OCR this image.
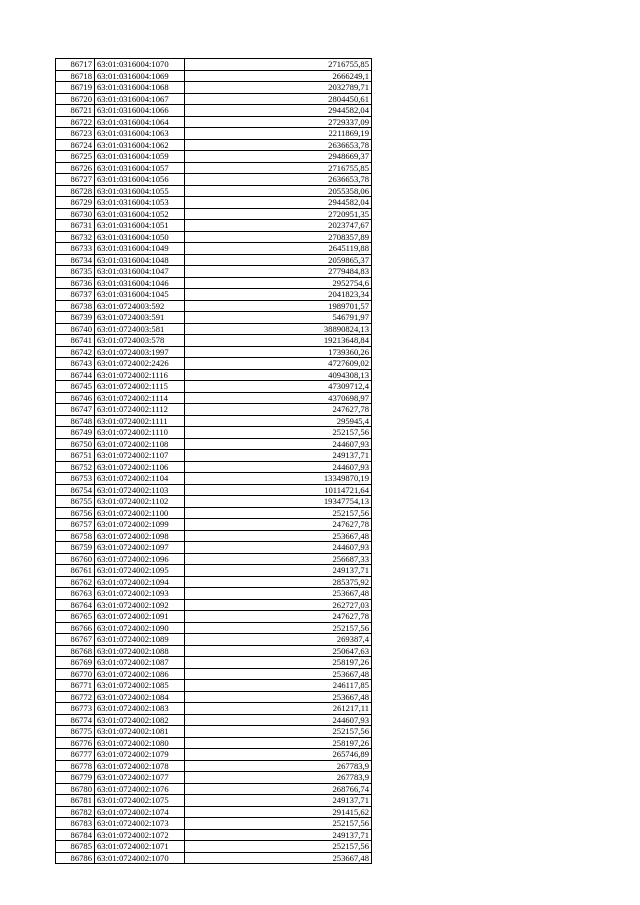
86717	63:01:0316004:1070	2716755,85
86718	63:01:0316004:1069	2666249,1
86719	63:01:0316004:1068	2032789,71
86720	63:01:0316004:1067	2804450,61
86721	63:01:0316004:1066	2944582,04
86722	63:01:0316004:1064	2729337,09
86723	63:01:0316004:1063	2211869,19
86724	63:01:0316004:1062	2636653,78
86725	63:01:0316004:1059	2948669,37
86726	63:01:0316004:1057	2716755,85
86727	63:01:0316004:1056	2636653,78
86728	63:01:0316004:1055	2055358,06
86729	63:01:0316004:1053	2944582,04
86730	63:01:0316004:1052	2720951,35
86731	63:01:0316004:1051	2023747,67
86732	63:01:0316004:1050	2708357,89
86733	63:01:0316004:1049	2645119,88
86734	63:01:0316004:1048	2059865,37
86735	63:01:0316004:1047	2779484,83
86736	63:01:0316004:1046	2952754,6
86737	63:01:0316004:1045	2041823,34
86738	63:01:0724003:592	1989701,57
86739	63:01:0724003:591	546791,97
86740	63:01:0724003:581	38890824,13
86741	63:01:0724003:578	19213648,84
86742	63:01:0724003:1997	1739360,26
86743	63:01:0724002:2426	4727609,02
86744	63:01:0724002:1116	4094308,13
86745	63:01:0724002:1115	47309712,4
86746	63:01:0724002:1114	4370698,97
86747	63:01:0724002:1112	247627,78
86748	63:01:0724002:1111	295945,4
86749	63:01:0724002:1110	252157,56
86750	63:01:0724002:1108	244607,93
86751	63:01:0724002:1107	249137,71
86752	63:01:0724002:1106	244607,93
86753	63:01:0724002:1104	13349870,19
86754	63:01:0724002:1103	10114721,64
86755	63:01:0724002:1102	19347754,13
86756	63:01:0724002:1100	252157,56
86757	63:01:0724002:1099	247627,78
86758	63:01:0724002:1098	253667,48
86759	63:01:0724002:1097	244607,93
86760	63:01:0724002:1096	256687,33
86761	63:01:0724002:1095	249137,71
86762	63:01:0724002:1094	285375,92
86763	63:01:0724002:1093	253667,48
86764	63:01:0724002:1092	262727,03
86765	63:01:0724002:1091	247627,78
86766	63:01:0724002:1090	252157,56
86767	63:01:0724002:1089	269387,4
86768	63:01:0724002:1088	250647,63
86769	63:01:0724002:1087	258197,26
86770	63:01:0724002:1086	253667,48
86771	63:01:0724002:1085	246117,85
86772	63:01:0724002:1084	253667,48
86773	63:01:0724002:1083	261217,11
86774	63:01:0724002:1082	244607,93
86775	63:01:0724002:1081	252157,56
86776	63:01:0724002:1080	258197,26
86777	63:01:0724002:1079	265746,89
86778	63:01:0724002:1078	267783,9
86779	63:01:0724002:1077	267783,9
86780	63:01:0724002:1076	268766,74
86781	63:01:0724002:1075	249137,71
86782	63:01:0724002:1074	291415,62
86783	63:01:0724002:1073	252157,56
86784	63:01:0724002:1072	249137,71
86785	63:01:0724002:1071	252157,56
86786	63:01:0724002:1070	253667,48
